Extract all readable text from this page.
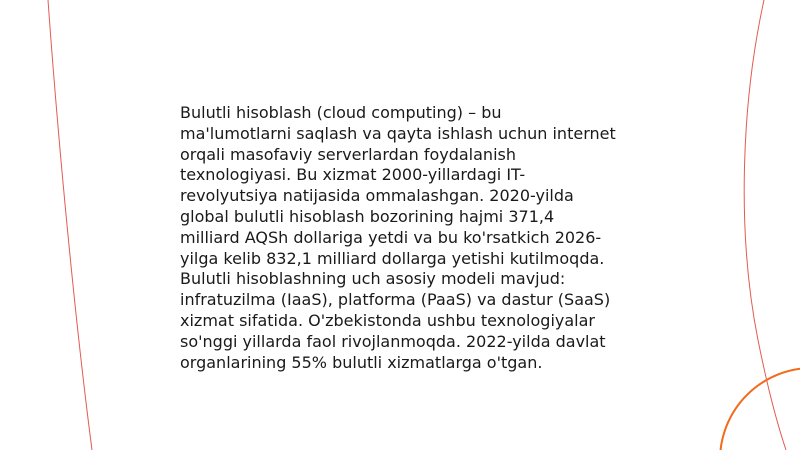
Bulutli hisoblash (cloud computing) – bu
ma'lumotlarni saqlash va qayta ishlash uchun internet
orqali masofaviy serverlardan foydalanish
texnologiyasi. Bu xizmat 2000-yillardagi IT-
revolyutsiya natijasida ommalashgan. 2020-yilda
global bulutli hisoblash bozorining hajmi 371,4
milliard AQSh dollariga yetdi va bu ko'rsatkich 2026-
yilga kelib 832,1 milliard dollarga yetishi kutilmoqda.
Bulutli hisoblashning uch asosiy modeli mavjud:
infratuzilma (IaaS), platforma (PaaS) va dastur (SaaS)
xizmat sifatida. O'zbekistonda ushbu texnologiyalar
so'nggi yillarda faol rivojlanmoqda. 2022-yilda davlat
organlarining 55% bulutli xizmatlarga o'tgan.
